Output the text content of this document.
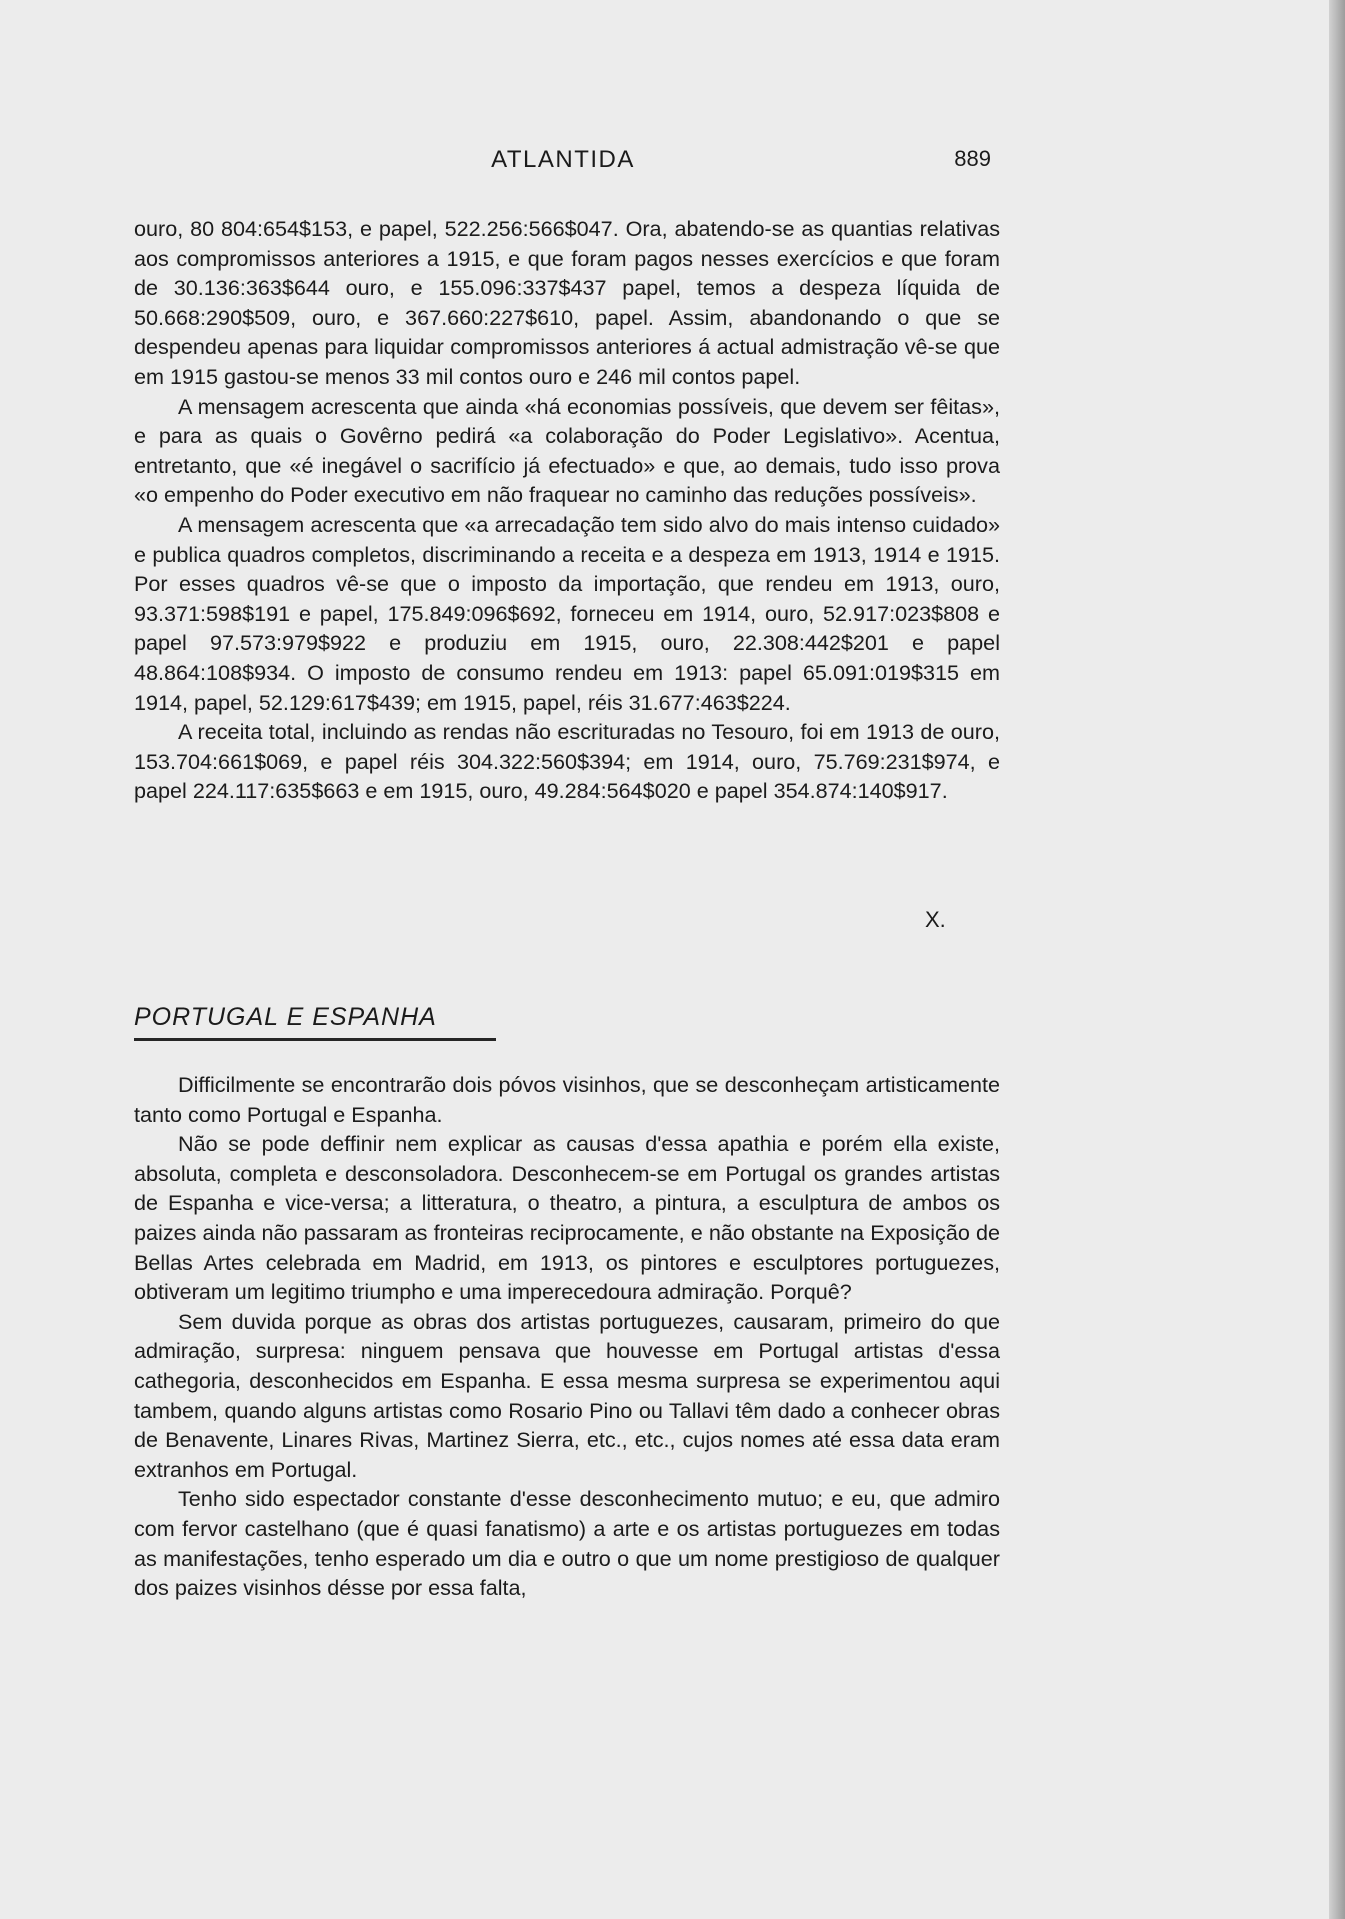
ATLANTIDA	889

ouro, 80 804:654$153, e papel, 522.256:566$047. Ora, abatendo-se as quantias relativas aos compromissos anteriores a 1915, e que foram pagos nesses exercícios e que foram de 30.136:363$644 ouro, e 155.096:337$437 papel, temos a despeza líquida de 50.668:290$509, ouro, e 367.660:227$610, papel. Assim, abandonando o que se despendeu apenas para liquidar compromissos anteriores á actual admistração vê-se que em 1915 gastou-se menos 33 mil contos ouro e 246 mil contos papel.

A mensagem acrescenta que ainda «há economias possíveis, que devem ser fêitas», e para as quais o Govêrno pedirá «a colaboração do Poder Legislativo». Acentua, entretanto, que «é inegável o sacrifício já efectuado» e que, ao demais, tudo isso prova «o empenho do Poder executivo em não fraquear no caminho das reduções possíveis».

A mensagem acrescenta que «a arrecadação tem sido alvo do mais intenso cuidado» e publica quadros completos, discriminando a receita e a despeza em 1913, 1914 e 1915. Por esses quadros vê-se que o imposto da importação, que rendeu em 1913, ouro, 93.371:598$191 e papel, 175.849:096$692, forneceu em 1914, ouro, 52.917:023$808 e papel 97.573:979$922 e produziu em 1915, ouro, 22.308:442$201 e papel 48.864:108$934. O imposto de consumo rendeu em 1913: papel 65.091:019$315 em 1914, papel, 52.129:617$439; em 1915, papel, réis 31.677:463$224.

A receita total, incluindo as rendas não escrituradas no Tesouro, foi em 1913 de ouro, 153.704:661$069, e papel réis 304.322:560$394; em 1914, ouro, 75.769:231$974, e papel 224.117:635$663 e em 1915, ouro, 49.284:564$020 e papel 354.874:140$917.

X.
PORTUGAL E ESPANHA

Difficilmente se encontrarão dois póvos visinhos, que se desconheçam artisticamente tanto como Portugal e Espanha.

Não se pode deffinir nem explicar as causas d'essa apathia e porém ella existe, absoluta, completa e desconsoladora. Desconhecem-se em Portugal os grandes artistas de Espanha e vice-versa; a litteratura, o theatro, a pintura, a esculptura de ambos os paizes ainda não passaram as fronteiras reciprocamente, e não obstante na Exposição de Bellas Artes celebrada em Madrid, em 1913, os pintores e esculptores portuguezes, obtiveram um legitimo triumpho e uma imperecedoura admiração. Porquê?

Sem duvida porque as obras dos artistas portuguezes, causaram, primeiro do que admiração, surpresa: ninguem pensava que houvesse em Portugal artistas d'essa cathegoria, desconhecidos em Espanha. E essa mesma surpresa se experimentou aqui tambem, quando alguns artistas como Rosario Pino ou Tallavi têm dado a conhecer obras de Benavente, Linares Rivas, Martinez Sierra, etc., etc., cujos nomes até essa data eram extranhos em Portugal.

Tenho sido espectador constante d'esse desconhecimento mutuo; e eu, que admiro com fervor castelhano (que é quasi fanatismo) a arte e os artistas portuguezes em todas as manifestações, tenho esperado um dia e outro o que um nome prestigioso de qualquer dos paizes visinhos désse por essa falta,
